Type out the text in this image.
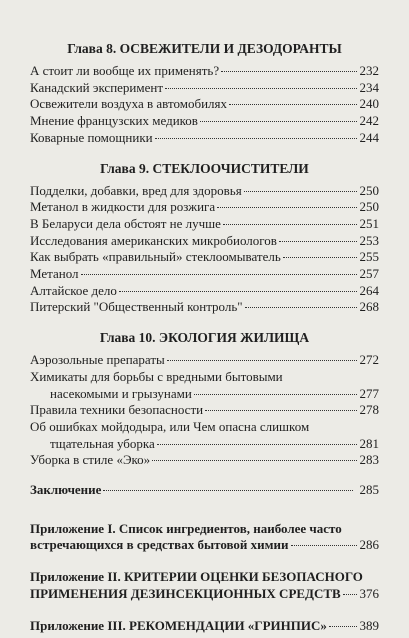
Глава 8. ОСВЕЖИТЕЛИ И ДЕЗОДОРАНТЫ
А стоит ли вообще их применять?	232
Канадский эксперимент	234
Освежители воздуха в автомобилях	240
Мнение французских медиков	242
Коварные помощники	244
Глава 9. СТЕКЛООЧИСТИТЕЛИ
Подделки, добавки, вред для здоровья	250
Метанол в жидкости для розжига	250
В Беларуси дела обстоят не лучше	251
Исследования американских микробиологов	253
Как выбрать «правильный» стеклоомыватель	255
Метанол	257
Алтайское дело	264
Питерский "Общественный контроль"	268
Глава 10. ЭКОЛОГИЯ ЖИЛИЩА
Аэрозольные препараты	272
Химикаты для борьбы с вредными бытовыми
насекомыми и грызунами	277
Правила техники безопасности	278
Об ошибках мойдодыра, или Чем опасна слишком
тщательная уборка	281
Уборка в стиле «Эко»	283
Заключение	285
Приложение I. Список ингредиентов, наиболее часто
встречающихся в средствах бытовой химии	286
Приложение II. КРИТЕРИИ ОЦЕНКИ БЕЗОПАСНОГО
ПРИМЕНЕНИЯ ДЕЗИНСЕКЦИОННЫХ СРЕДСТВ 376
Приложение III. РЕКОМЕНДАЦИИ «ГРИНПИС»	389
